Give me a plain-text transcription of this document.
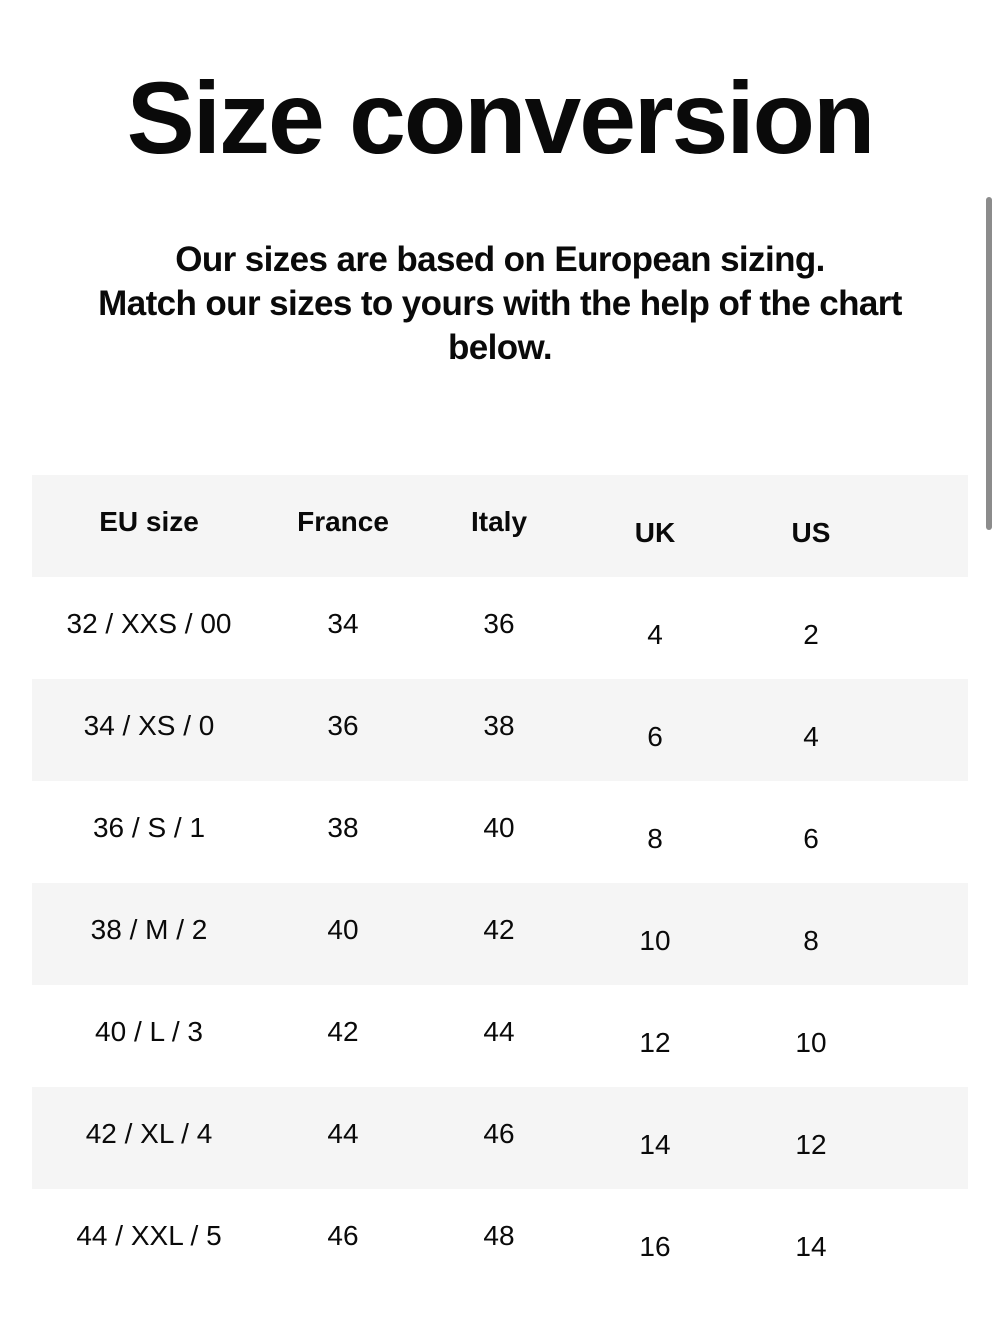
Size conversion

Our sizes are based on European sizing.
Match our sizes to yours with the help of the chart
below.

EU size	France	Italy	UK	US
32 / XXS / 00	34	36	4	2
34 / XS / 0	36	38	6	4
36 / S / 1	38	40	8	6
38 / M / 2	40	42	10	8
40 / L / 3	42	44	12	10
42 / XL / 4	44	46	14	12
44 / XXL / 5	46	48	16	14
